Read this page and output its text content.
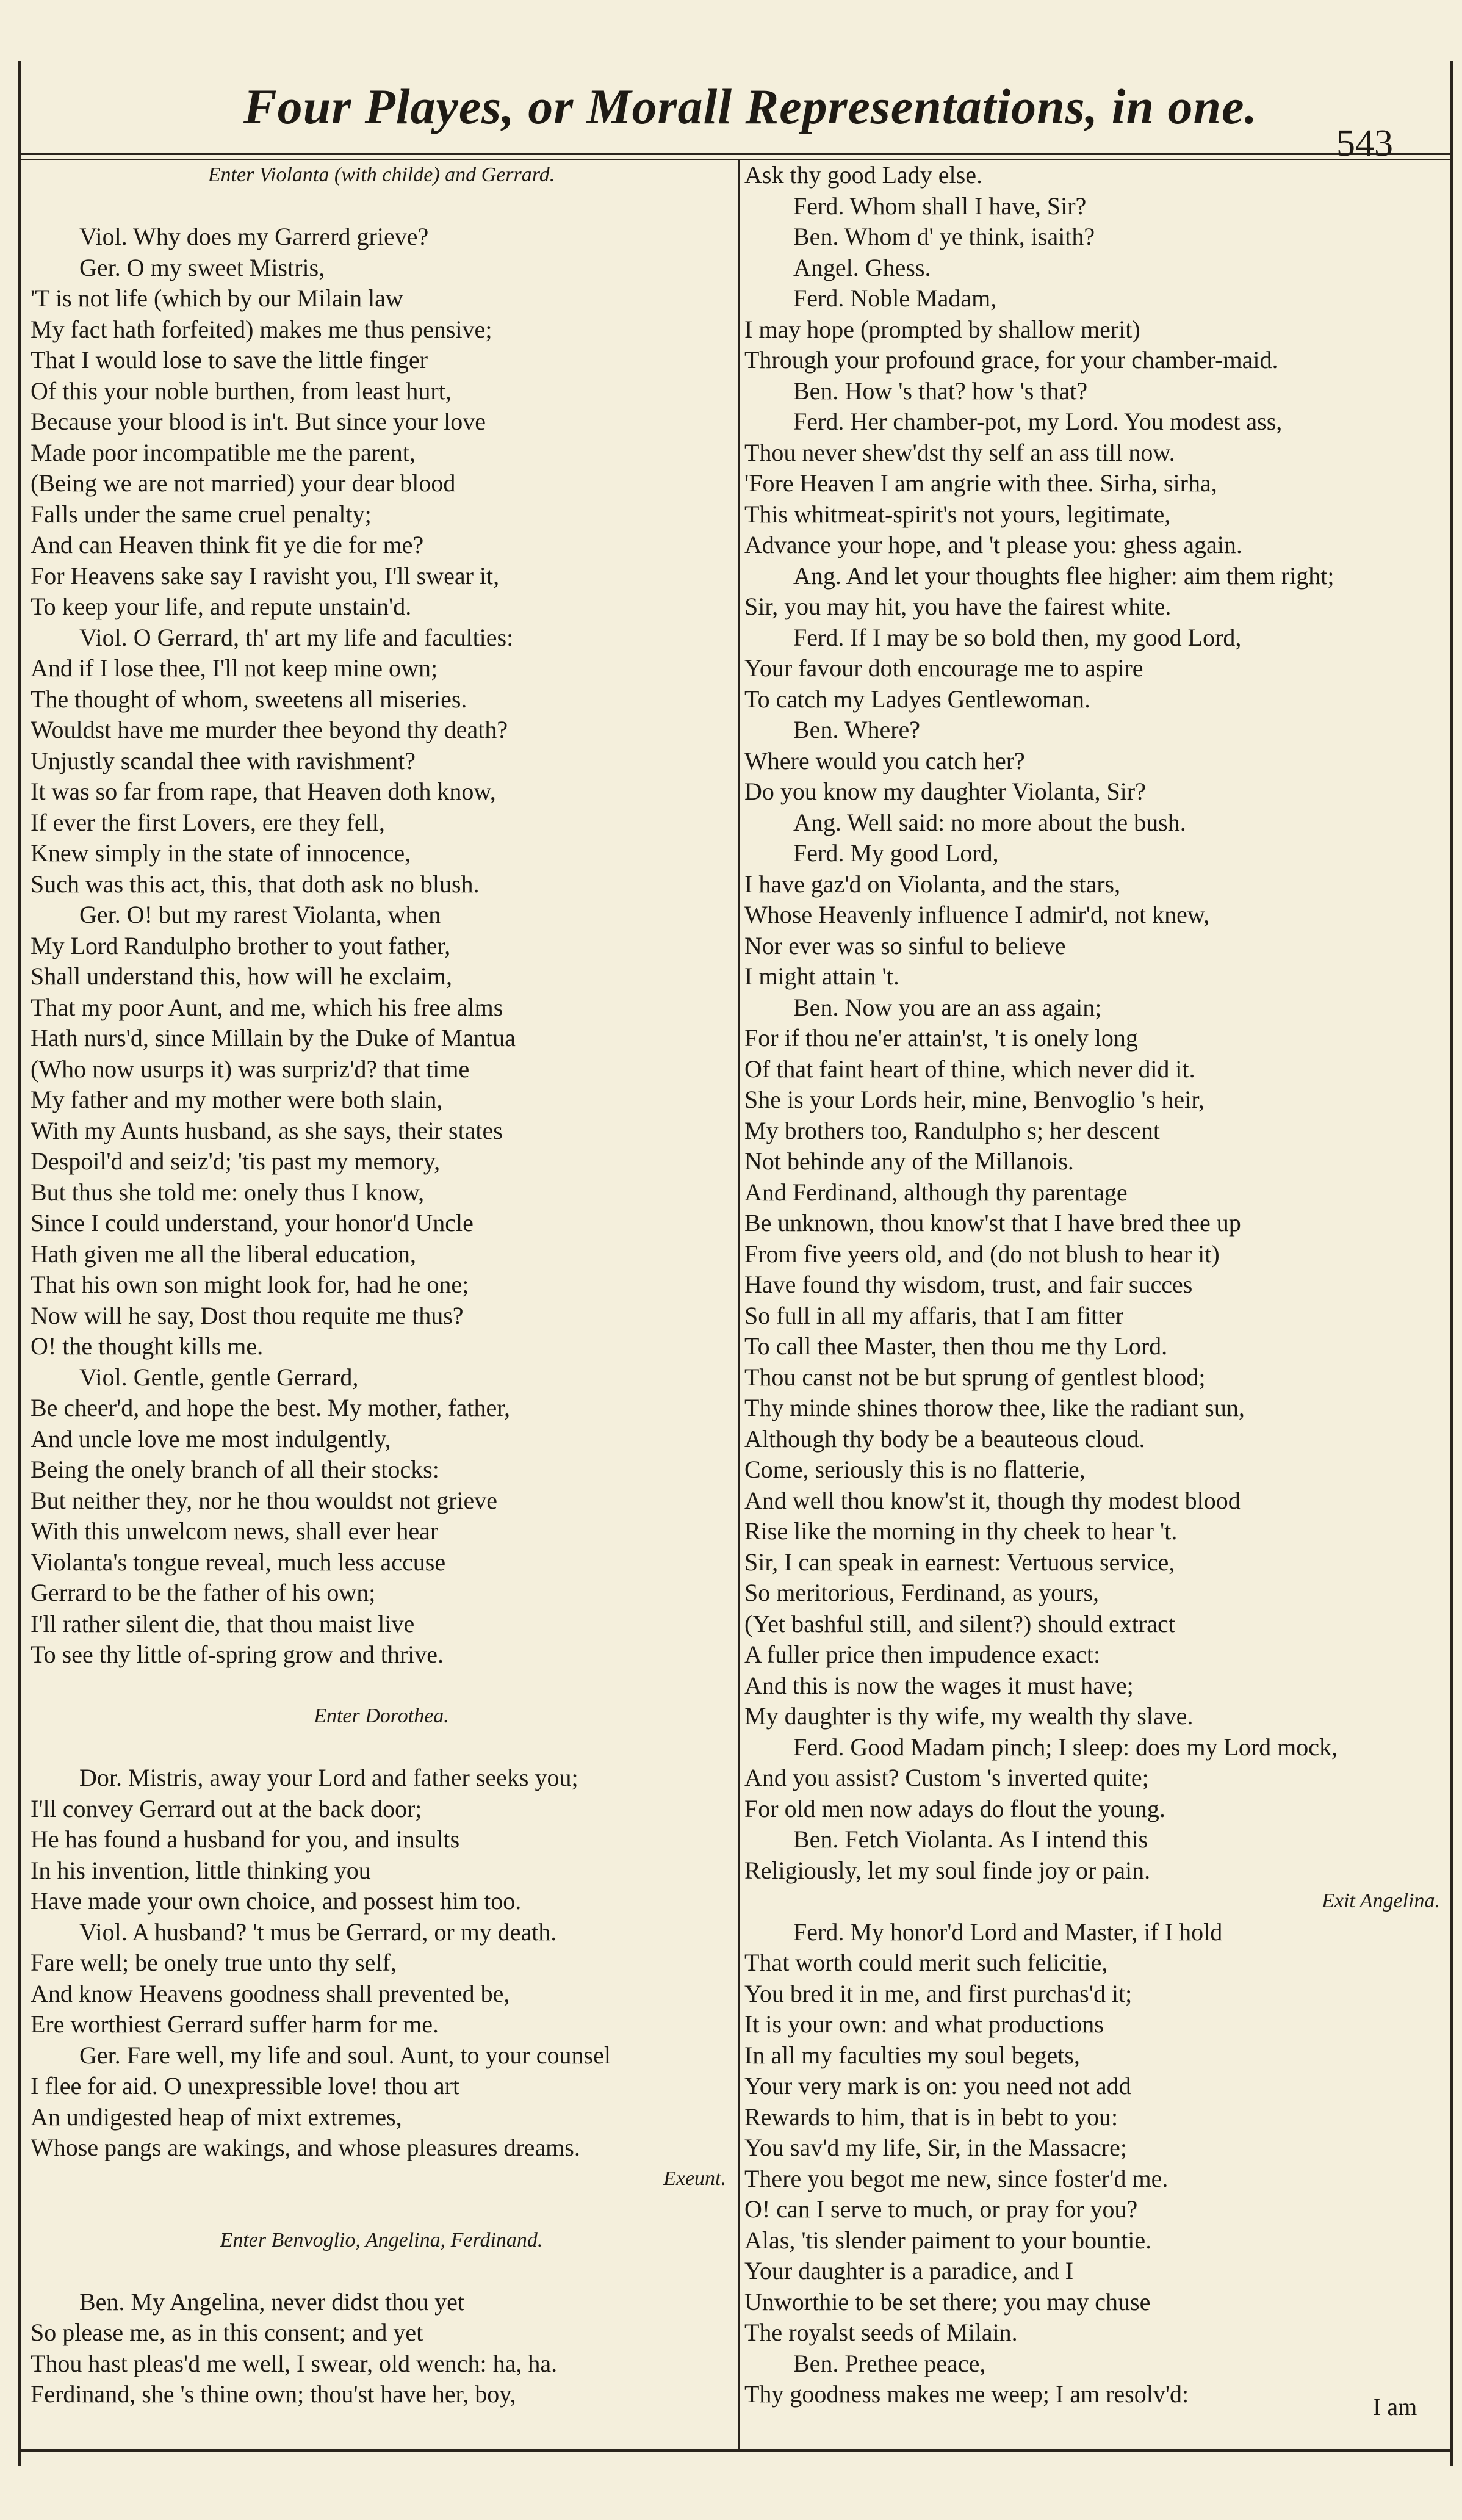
Four Playes, or Morall Representations, in one.
543
Enter Violanta (with childe) and Gerrard.
Viol. Why does my Garrerd grieve?
Ger. O my sweet Mistris,
'T is not life (which by our Milain law
My fact hath forfeited) makes me thus pensive;
That I would lose to save the little finger
Of this your noble burthen, from least hurt,
Because your blood is in't. But since your love
Made poor incompatible me the parent,
(Being we are not married) your dear blood
Falls under the same cruel penalty;
And can Heaven think fit ye die for me?
For Heavens sake say I ravisht you, I'll swear it,
To keep your life, and repute unstain'd.
Viol. O Gerrard, th' art my life and faculties:
And if I lose thee, I'll not keep mine own;
The thought of whom, sweetens all miseries.
Wouldst have me murder thee beyond thy death?
Unjustly scandal thee with ravishment?
It was so far from rape, that Heaven doth know,
If ever the first Lovers, ere they fell,
Knew simply in the state of innocence,
Such was this act, this, that doth ask no blush.
Ger. O! but my rarest Violanta, when
My Lord Randulpho brother to yout father,
Shall understand this, how will he exclaim,
That my poor Aunt, and me, which his free alms
Hath nurs'd, since Millain by the Duke of Mantua
(Who now usurps it) was surpriz'd? that time
My father and my mother were both slain,
With my Aunts husband, as she says, their states
Despoil'd and seiz'd; 'tis past my memory,
But thus she told me: onely thus I know,
Since I could understand, your honor'd Uncle
Hath given me all the liberal education,
That his own son might look for, had he one;
Now will he say, Dost thou requite me thus?
O! the thought kills me.
Viol. Gentle, gentle Gerrard,
Be cheer'd, and hope the best. My mother, father,
And uncle love me most indulgently,
Being the onely branch of all their stocks:
But neither they, nor he thou wouldst not grieve
With this unwelcom news, shall ever hear
Violanta's tongue reveal, much less accuse
Gerrard to be the father of his own;
I'll rather silent die, that thou maist live
To see thy little of-spring grow and thrive.
Enter Dorothea.
Dor. Mistris, away your Lord and father seeks you;
I'll convey Gerrard out at the back door;
He has found a husband for you, and insults
In his invention, little thinking you
Have made your own choice, and possest him too.
Viol. A husband? 't mus be Gerrard, or my death.
Fare well; be onely true unto thy self,
And know Heavens goodness shall prevented be,
Ere worthiest Gerrard suffer harm for me.
Ger. Fare well, my life and soul. Aunt, to your counsel
I flee for aid. O unexpressible love! thou art
An undigested heap of mixt extremes,
Whose pangs are wakings, and whose pleasures dreams.
Exeunt.
Enter Benvoglio, Angelina, Ferdinand.
Ben. My Angelina, never didst thou yet
So please me, as in this consent; and yet
Thou hast pleas'd me well, I swear, old wench: ha, ha.
Ferdinand, she 's thine own; thou'st have her, boy,
Ask thy good Lady else.
Ferd. Whom shall I have, Sir?
Ben. Whom d' ye think, isaith?
Angel. Ghess.
Ferd. Noble Madam,
I may hope (prompted by shallow merit)
Through your profound grace, for your chamber-maid.
Ben. How 's that? how 's that?
Ferd. Her chamber-pot, my Lord. You modest ass,
Thou never shew'dst thy self an ass till now.
'Fore Heaven I am angrie with thee. Sirha, sirha,
This whitmeat-spirit's not yours, legitimate,
Advance your hope, and 't please you: ghess again.
Ang. And let your thoughts flee higher: aim them right;
Sir, you may hit, you have the fairest white.
Ferd. If I may be so bold then, my good Lord,
Your favour doth encourage me to aspire
To catch my Ladyes Gentlewoman.
Ben. Where?
Where would you catch her?
Do you know my daughter Violanta, Sir?
Ang. Well said: no more about the bush.
Ferd. My good Lord,
I have gaz'd on Violanta, and the stars,
Whose Heavenly influence I admir'd, not knew,
Nor ever was so sinful to believe
I might attain 't.
Ben. Now you are an ass again;
For if thou ne'er attain'st, 't is onely long
Of that faint heart of thine, which never did it.
She is your Lords heir, mine, Benvoglio 's heir,
My brothers too, Randulpho s; her descent
Not behinde any of the Millanois.
And Ferdinand, although thy parentage
Be unknown, thou know'st that I have bred thee up
From five yeers old, and (do not blush to hear it)
Have found thy wisdom, trust, and fair succes
So full in all my affaris, that I am fitter
To call thee Master, then thou me thy Lord.
Thou canst not be but sprung of gentlest blood;
Thy minde shines thorow thee, like the radiant sun,
Although thy body be a beauteous cloud.
Come, seriously this is no flatterie,
And well thou know'st it, though thy modest blood
Rise like the morning in thy cheek to hear 't.
Sir, I can speak in earnest: Vertuous service,
So meritorious, Ferdinand, as yours,
(Yet bashful still, and silent?) should extract
A fuller price then impudence exact:
And this is now the wages it must have;
My daughter is thy wife, my wealth thy slave.
Ferd. Good Madam pinch; I sleep: does my Lord mock,
And you assist? Custom 's inverted quite;
For old men now adays do flout the young.
Ben. Fetch Violanta. As I intend this
Religiously, let my soul finde joy or pain.
Exit Angelina.
Ferd. My honor'd Lord and Master, if I hold
That worth could merit such felicitie,
You bred it in me, and first purchas'd it;
It is your own: and what productions
In all my faculties my soul begets,
Your very mark is on: you need not add
Rewards to him, that is in bebt to you:
You sav'd my life, Sir, in the Massacre;
There you begot me new, since foster'd me.
O! can I serve to much, or pray for you?
Alas, 'tis slender paiment to your bountie.
Your daughter is a paradice, and I
Unworthie to be set there; you may chuse
The royalst seeds of Milain.
Ben. Prethee peace,
Thy goodness makes me weep; I am resolv'd:	I am
